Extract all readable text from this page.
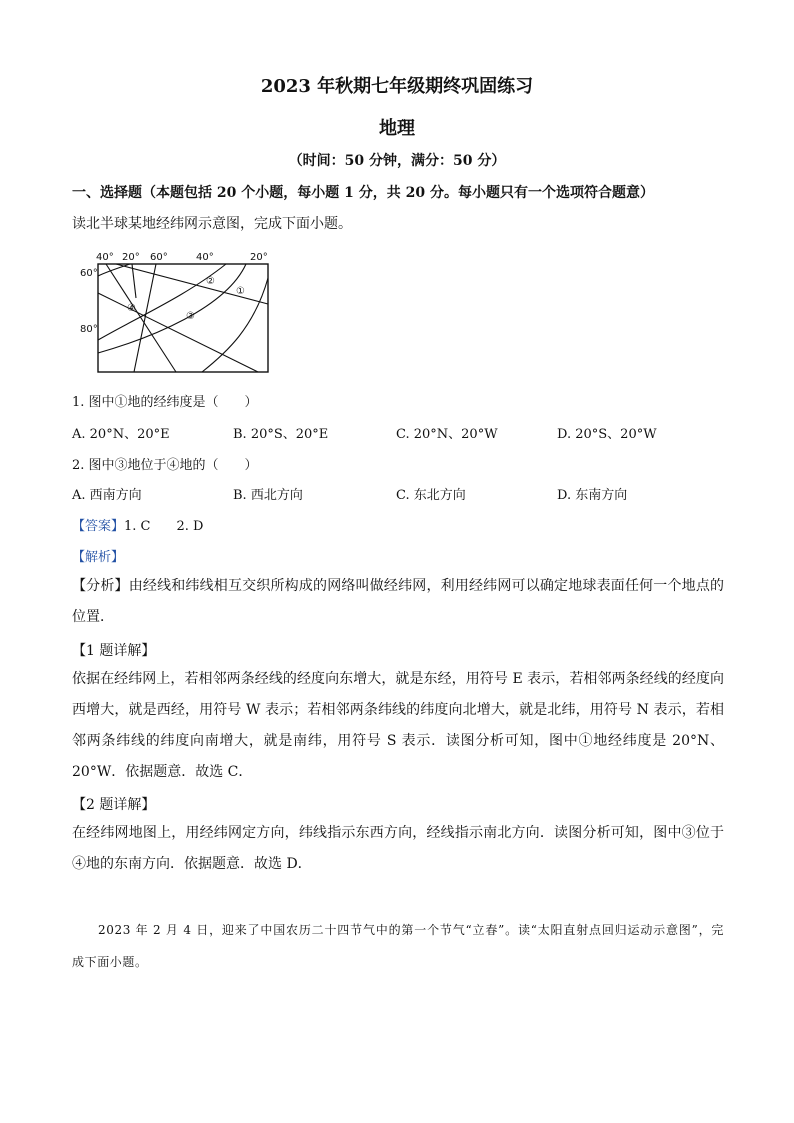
2023 年秋期七年级期终巩固练习
地理
（时间：50 分钟，满分：50 分）
一、选择题（本题包括 20 个小题，每小题 1 分，共 20 分。每小题只有一个选项符合题意）
读北半球某地经纬网示意图，完成下面小题。
40° 20° 60°	40°	20°
60°
80°
②
①
④
③
1. 图中①地的经纬度是（　　）
A. 20°N、20°E	B. 20°S、20°E	C. 20°N、20°W	D. 20°S、20°W
2. 图中③地位于④地的（　　）
A. 西南方向	B. 西北方向	C. 东北方向	D. 东南方向
【答案】1. C　　2. D
【解析】
【分析】由经线和纬线相互交织所构成的网络叫做经纬网，利用经纬网可以确定地球表面任何一个地点的位置．
【1 题详解】
依据在经纬网上，若相邻两条经线的经度向东增大，就是东经，用符号 E 表示，若相邻两条经线的经度向西增大，就是西经，用符号 W 表示；若相邻两条纬线的纬度向北增大，就是北纬，用符号 N 表示，若相邻两条纬线的纬度向南增大，就是南纬，用符号 S 表示．读图分析可知，图中①地经纬度是 20°N、20°W．依据题意．故选 C．
【2 题详解】
在经纬网地图上，用经纬网定方向，纬线指示东西方向，经线指示南北方向．读图分析可知，图中③位于④地的东南方向．依据题意．故选 D．
2023 年 2 月 4 日，迎来了中国农历二十四节气中的第一个节气“立春”。读“太阳直射点回归运动示意图”，完成下面小题。
